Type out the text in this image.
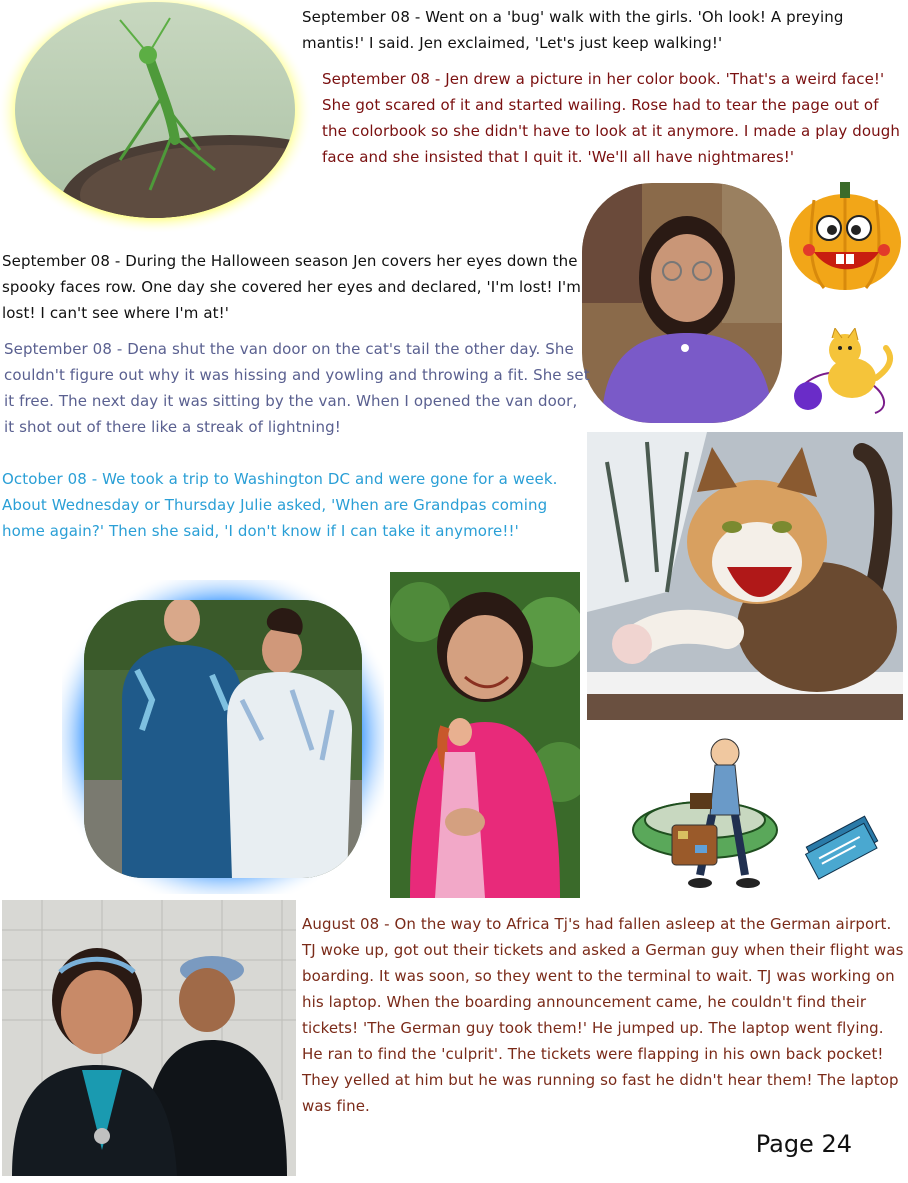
September 08 - Went on a 'bug' walk with the girls. 'Oh look! A preying mantis!' I said. Jen exclaimed, 'Let's just keep walking!'

September 08 - Jen drew a picture in her color book. 'That's a weird face!' She got scared of it and started wailing. Rose had to tear the page out of the colorbook so she didn't have to look at it anymore. I made a play dough face and she insisted that I quit it. 'We'll all have nightmares!'

September 08 - During the Halloween season Jen covers her eyes down the spooky faces row. One day she covered her eyes and declared, 'I'm lost! I'm lost! I can't see where I'm at!'

September 08 - Dena shut the van door on the cat's tail the other day. She couldn't figure out why it was hissing and yowling and throwing a fit. She set it free. The next day it was sitting by the van. When I opened the van door, it shot out of there like a streak of lightning!

October 08 - We took a trip to Washington DC and were gone for a week. About Wednesday or Thursday Julie asked, 'When are Grandpas coming home again?' Then she said, 'I don't know if I can take it anymore!!'

August 08 - On the way to Africa Tj's had fallen asleep at the German airport. TJ woke up, got out their tickets and asked a German guy when their flight was boarding. It was soon, so they went to the terminal to wait. TJ was working on his laptop. When the boarding announcement came, he couldn't find their tickets! 'The German guy took them!' He jumped up. The laptop went flying. He ran to find the 'culprit'. The tickets were flapping in his own back pocket! They yelled at him but he was running so fast he didn't hear them! The laptop was fine.

Page 24
